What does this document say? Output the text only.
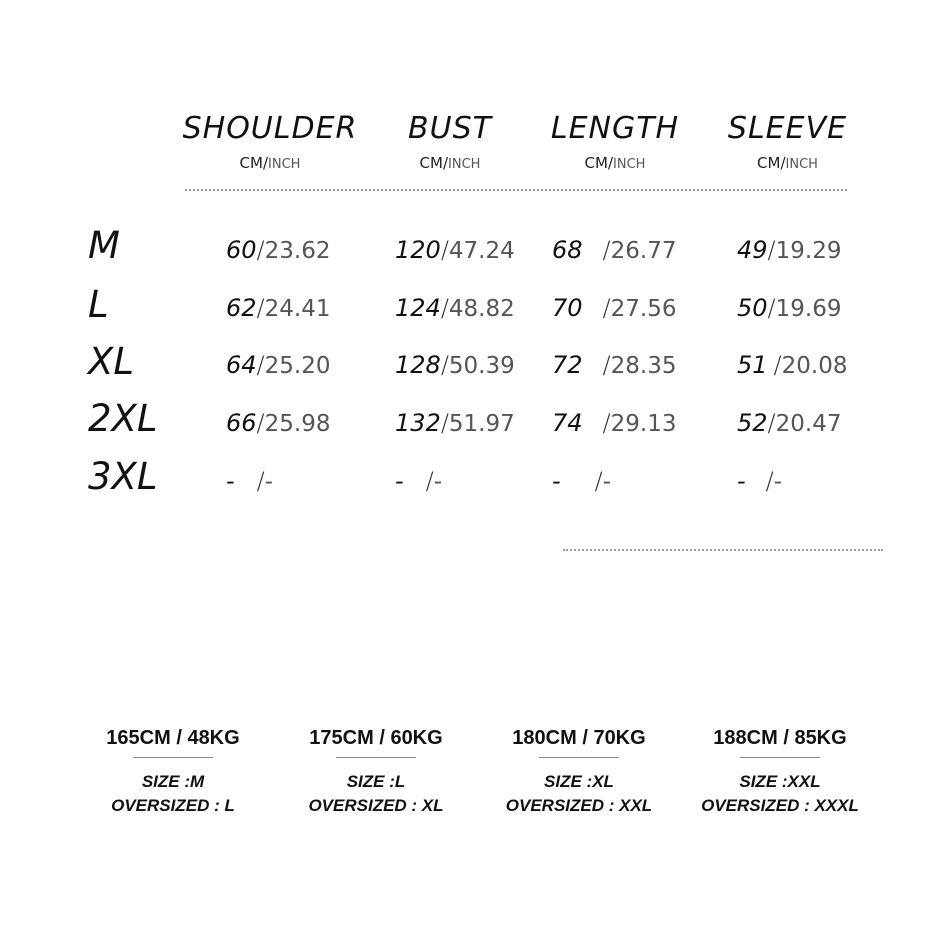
SHOULDER
CM/INCH
BUST
CM/INCH
LENGTH
CM/INCH
SLEEVE
CM/INCH
M	60/23.62	120/47.24 68 /26.77	49/19.29
L	62/24.41	124/48.82 70 /27.56	50/19.69
XL	64/25.20	128/50.39 72 /28.35	51 /20.08
2XL	66/25.98	132/51.97 74 /29.13	52/20.47
3XL	- /-	- /-	- /-	- /-
165CM / 48KG
SIZE :M
OVERSIZED : L
175CM / 60KG
SIZE :L
OVERSIZED : XL
180CM / 70KG
SIZE :XL
OVERSIZED : XXL
188CM / 85KG
SIZE :XXL
OVERSIZED : XXXL
